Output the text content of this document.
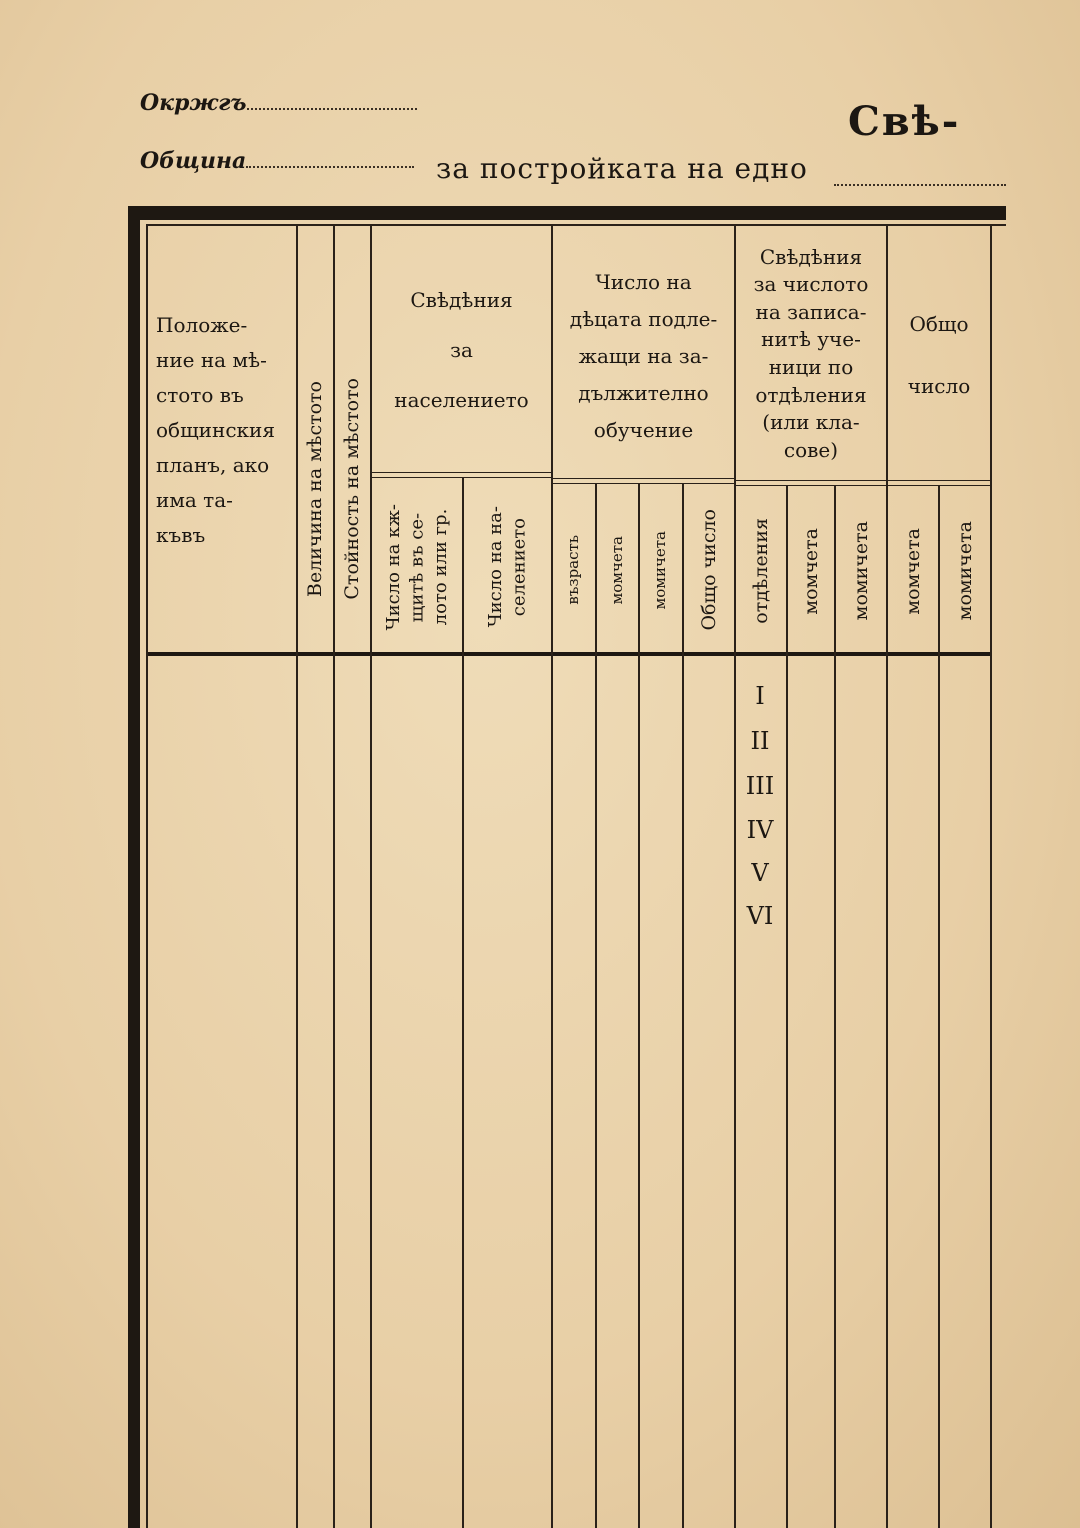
Окржгъ
Община	за постройката на едно
Свѣ-
Положе-
ние на мѣ-
стото въ
общинския
планъ, ако
има та-
къвъ	Величина на мѣстото Стойность на мѣстото
Свѣдѣния
за
населението
Число на кж-
щитѣ въ се-
лото или гр.
Число на на-
селението
Число на
дѣцата подле-
жащи на за-
дължително
обучение
възрасть момчета момичета Общо число
Свѣдѣния
за числото
на записа-
нитѣ уче-
ници по
отдѣления
(или кла-
сове)
отдѣления момчета момичета
Общо

число
момчета момичета
I
II
III
IV
V
VI
